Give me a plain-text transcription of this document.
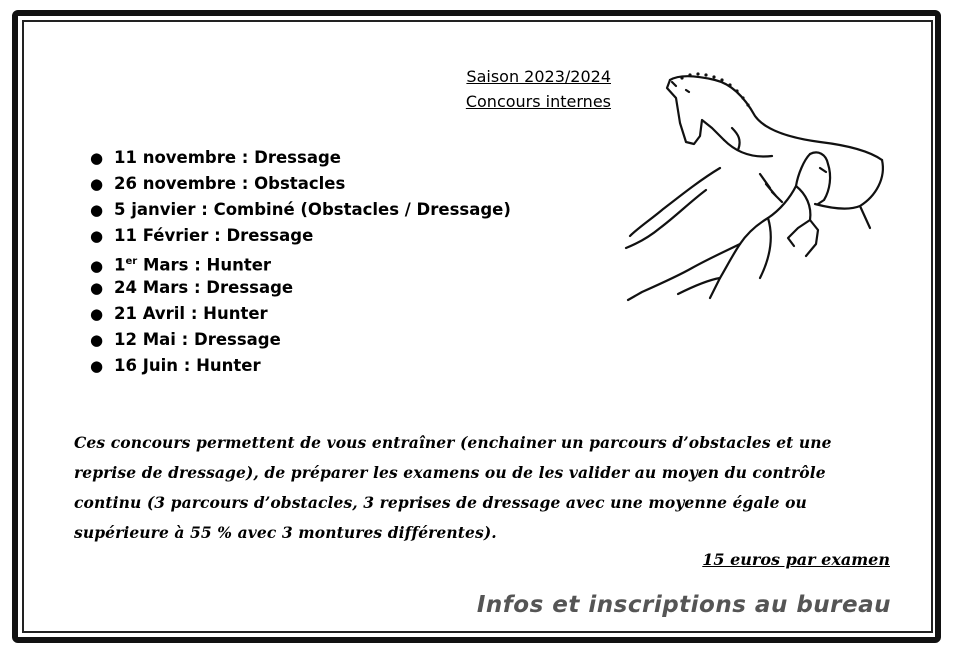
Saison 2023/2024
Concours internes
● 11 novembre : Dressage
● 26 novembre : Obstacles
● 5 janvier : Combiné (Obstacles / Dressage)
● 11 Février : Dressage
● 1er Mars : Hunter
● 24 Mars : Dressage
● 21 Avril : Hunter
● 12 Mai : Dressage
● 16 Juin : Hunter

Ces concours permettent de vous entraîner (enchainer un parcours d’obstacles et une reprise de dressage), de préparer les examens ou de les valider au moyen du contrôle continu (3 parcours d’obstacles, 3 reprises de dressage avec une moyenne égale ou supérieure à 55 % avec 3 montures différentes).

15 euros par examen
Infos et inscriptions au bureau
